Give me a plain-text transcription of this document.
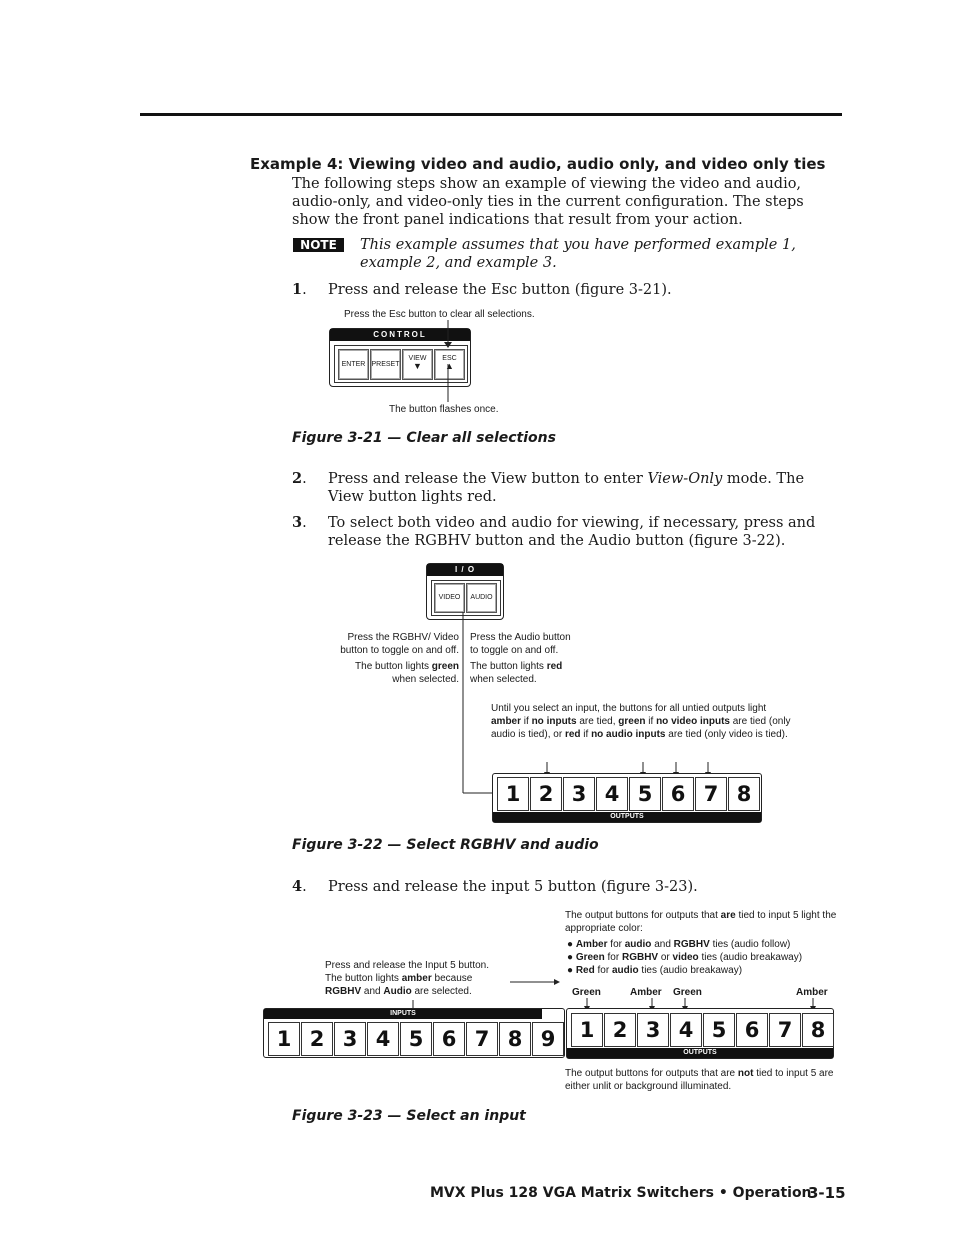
Example 4: Viewing video and audio, audio only, and video only ties
The following steps show an example of viewing the video and audio, audio-only, and video-only ties in the current configuration. The steps show the front panel indications that result from your action.
NOTE	This example assumes that you have performed example 1, example 2, and example 3.
1. Press and release the Esc button (figure 3-21).
Press the Esc button to clear all selections.
CONTROL
ENTER PRESET
VIEW
▼
ESC
▲
The button flashes once.
Figure 3-21 — Clear all selections
2. Press and release the View button to enter View-Only mode. The View button lights red.
3. To select both video and audio for viewing, if necessary, press and release the RGBHV button and the Audio button (figure 3-22).
I / O
VIDEO	AUDIO
Press the RGBHV/ Video
button to toggle on and off.
The button lights green
when selected.
Press the Audio button
to toggle on and off.
The button lights red
when selected.
Until you select an input, the buttons for all untied outputs light amber if no inputs are tied, green if no video inputs are tied (only audio is tied), or red if no audio inputs are tied (only video is tied).
OUTPUTS
1 2 3 4 5 6 7 8
Figure 3-22 — Select RGBHV and audio
4. Press and release the input 5 button (figure 3-23).
The output buttons for outputs that are tied to input 5 light the appropriate color:
● Amber for audio and RGBHV ties (audio follow)
● Green for RGBHV or video ties (audio breakaway)
● Red for audio ties (audio breakaway)
Press and release the Input 5 button.
The button lights amber because
RGBHV and Audio are selected.	Green	Amber Green	Amber
INPUTS
1 2 3 4 5 6 7 8 9
OUTPUTS
1 2 3 4 5 6 7 8
The output buttons for outputs that are not tied to input 5 are either unlit or background illuminated.
Figure 3-23 — Select an input
MVX Plus 128 VGA Matrix Switchers • Operation
3-15
